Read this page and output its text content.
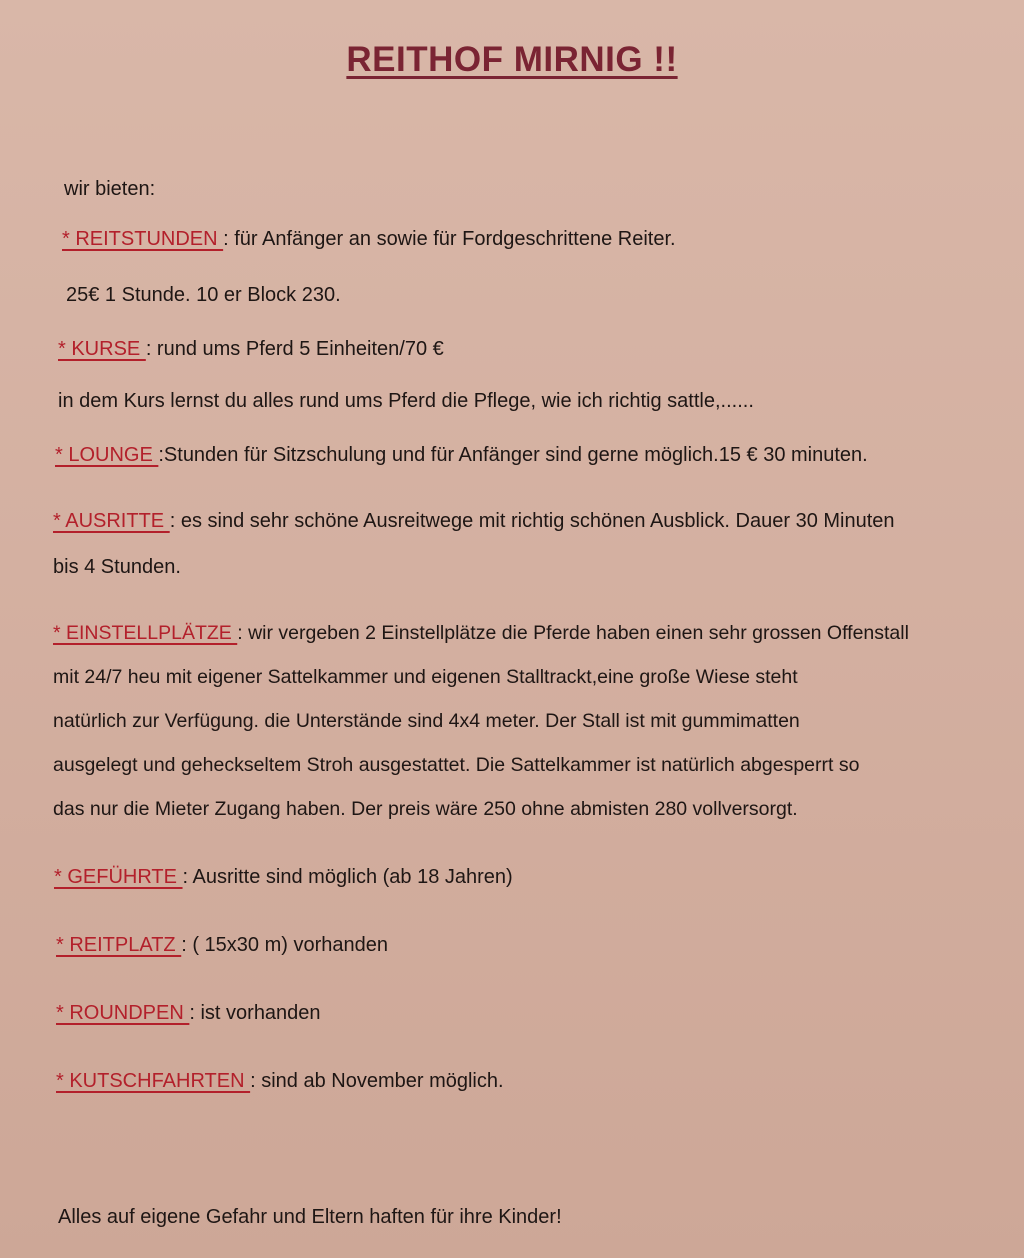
REITHOF MIRNIG !!
wir bieten:
* REITSTUNDEN : für Anfänger an sowie für Fordgeschrittene Reiter.
25€ 1 Stunde. 10 er Block 230.
* KURSE : rund ums Pferd 5 Einheiten/70 €
in dem Kurs lernst du alles rund ums Pferd die Pflege, wie ich richtig sattle,......
* LOUNGE :Stunden für Sitzschulung und für Anfänger sind gerne möglich.15 € 30 minuten.
* AUSRITTE : es sind sehr schöne Ausreitwege mit richtig schönen Ausblick. Dauer 30 Minuten
bis 4 Stunden.
* EINSTELLPLÄTZE : wir vergeben 2 Einstellplätze die Pferde haben einen sehr grossen Offenstall
mit 24/7 heu mit eigener Sattelkammer und eigenen Stalltrackt,eine große Wiese steht
natürlich zur Verfügung. die Unterstände sind 4x4 meter. Der Stall ist mit gummimatten
ausgelegt und geheckseltem Stroh ausgestattet. Die Sattelkammer ist natürlich abgesperrt so
das nur die Mieter Zugang haben. Der preis wäre 250 ohne abmisten 280 vollversorgt.
* GEFÜHRTE : Ausritte sind möglich (ab 18 Jahren)
* REITPLATZ : ( 15x30 m) vorhanden
* ROUNDPEN : ist vorhanden
* KUTSCHFAHRTEN : sind ab November möglich.
Alles auf eigene Gefahr und Eltern haften für ihre Kinder!
